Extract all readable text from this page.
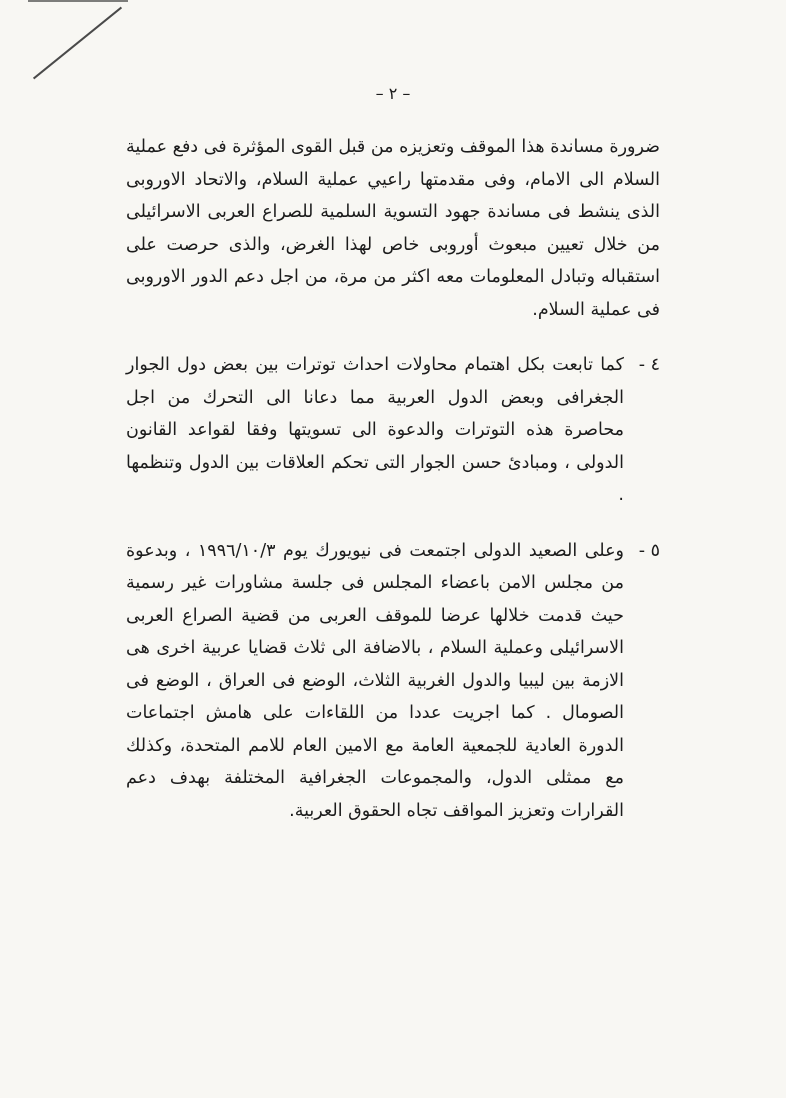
– ٢ –

ضرورة مساندة هذا الموقف وتعزيزه من قبل القوى المؤثرة فى دفع عملية السلام الى الامام، وفى مقدمتها راعيي عملية السلام، والاتحاد الاوروبى الذى ينشط فى مساندة جهود التسوية السلمية للصراع العربى الاسرائيلى من خلال تعيين مبعوث أوروبى خاص لهذا الغرض، والذى حرصت على استقباله وتبادل المعلومات معه اكثر من مرة، من اجل دعم الدور الاوروبى فى عملية السلام.

٤ -

كما تابعت بكل اهتمام محاولات احداث توترات بين بعض دول الجوار الجغرافى وبعض الدول العربية مما دعانا الى التحرك من اجل محاصرة هذه التوترات والدعوة الى تسويتها وفقا لقواعد القانون الدولى ، ومبادئ حسن الجوار التى تحكم العلاقات بين الدول وتنظمها .

٥ -

وعلى الصعيد الدولى اجتمعت فى نيويورك يوم ١٩٩٦/١٠/٣ ، وبدعوة من مجلس الامن باعضاء المجلس فى جلسة مشاورات غير رسمية حيث قدمت خلالها عرضا للموقف العربى من قضية الصراع العربى الاسرائيلى وعملية السلام ، بالاضافة الى ثلاث قضايا عربية اخرى هى الازمة بين ليبيا والدول الغربية الثلاث، الوضع فى العراق ، الوضع فى الصومال . كما اجريت عددا من اللقاءات على هامش اجتماعات الدورة العادية للجمعية العامة مع الامين العام للامم المتحدة، وكذلك مع ممثلى الدول، والمجموعات الجغرافية المختلفة بهدف دعم القرارات وتعزيز المواقف تجاه الحقوق العربية.
